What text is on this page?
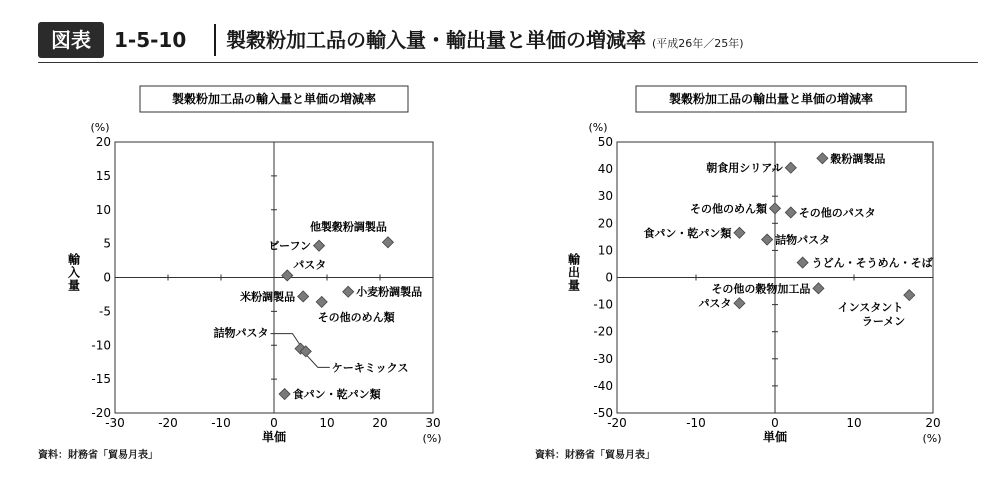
図表	1-5-10 製穀粉加工品の輸入量・輸出量と単価の増減率 (平成26年／25年)
製穀粉加工品の輸入量と単価の増減率
20
15
10
5
0
-5
-10
-15
-20
-30	-20	-10	0	10	20	30
(%)
(%)
単価
輸入量
他製穀粉調製品
ビーフン
パスタ
米粉調製品	小麦粉調製品
その他のめん類
詰物パスタ
ケーキミックス
食パン・乾パン類
製穀粉加工品の輸出量と単価の増減率
50
40
30
20
10
0
-10
-20
-30
-40
-50
-20	-10	0	10	20
(%)
(%)
単価
輸出量
穀粉調製品
朝食用シリアル
その他のめん類	その他のパスタ
食パン・乾パン類
詰物パスタ
うどん・そうめん・そば
その他の穀物加工品
パスタ	インスタントラーメン
資料：財務省「貿易月表」	資料：財務省「貿易月表」
